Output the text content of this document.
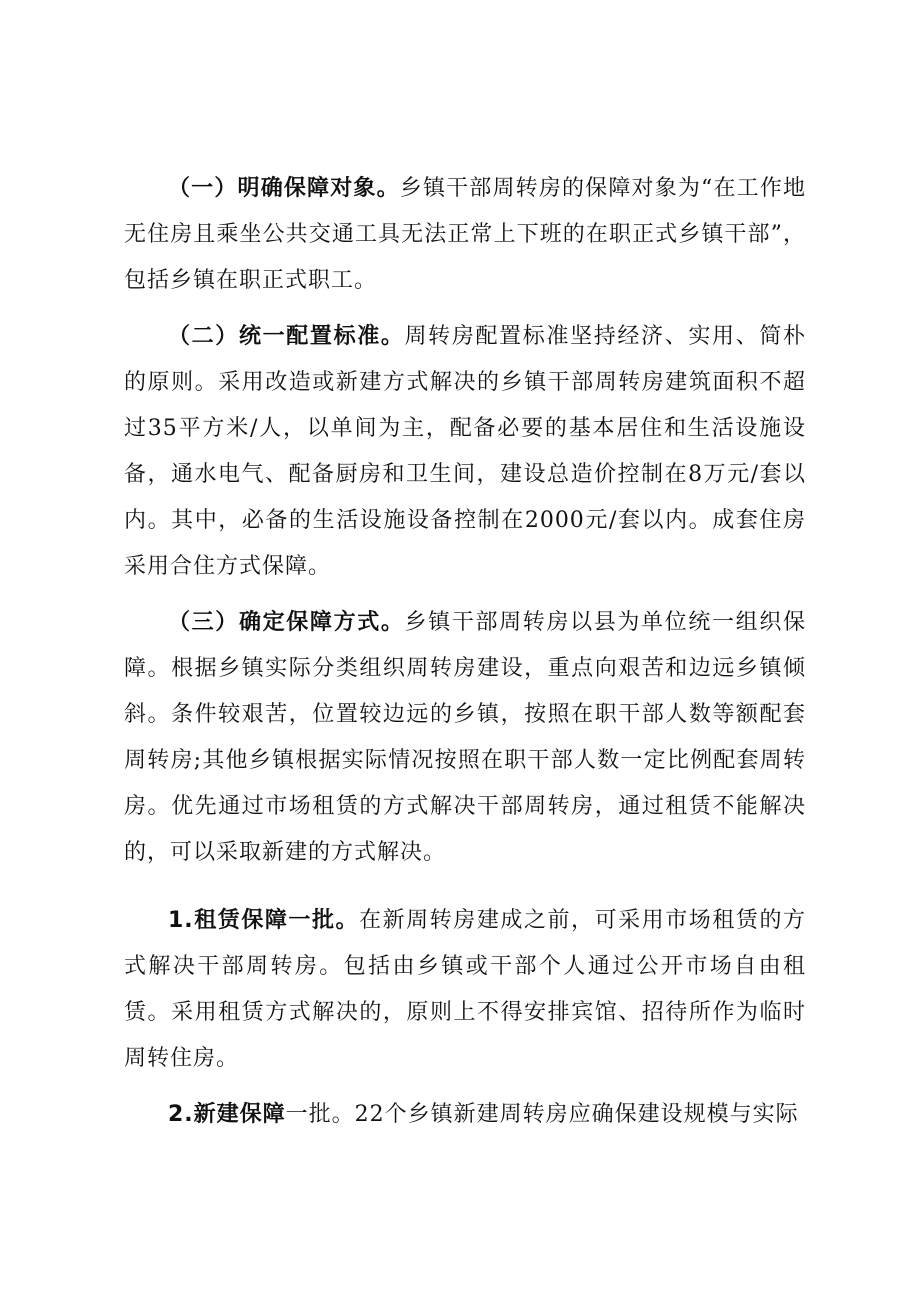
（一）明确保障对象。乡镇干部周转房的保障对象为“在工作地无住房且乘坐公共交通工具无法正常上下班的在职正式乡镇干部”，包括乡镇在职正式职工。

（二）统一配置标准。周转房配置标准坚持经济、实用、简朴的原则。采用改造或新建方式解决的乡镇干部周转房建筑面积不超过35平方米/人，以单间为主，配备必要的基本居住和生活设施设备，通水电气、配备厨房和卫生间，建设总造价控制在8万元/套以内。其中，必备的生活设施设备控制在2000元/套以内。成套住房采用合住方式保障。

（三）确定保障方式。乡镇干部周转房以县为单位统一组织保障。根据乡镇实际分类组织周转房建设，重点向艰苦和边远乡镇倾斜。条件较艰苦，位置较边远的乡镇，按照在职干部人数等额配套周转房;其他乡镇根据实际情况按照在职干部人数一定比例配套周转房。优先通过市场租赁的方式解决干部周转房，通过租赁不能解决的，可以采取新建的方式解决。

1.租赁保障一批。在新周转房建成之前，可采用市场租赁的方式解决干部周转房。包括由乡镇或干部个人通过公开市场自由租赁。采用租赁方式解决的，原则上不得安排宾馆、招待所作为临时周转住房。

2.新建保障一批。22个乡镇新建周转房应确保建设规模与实际
